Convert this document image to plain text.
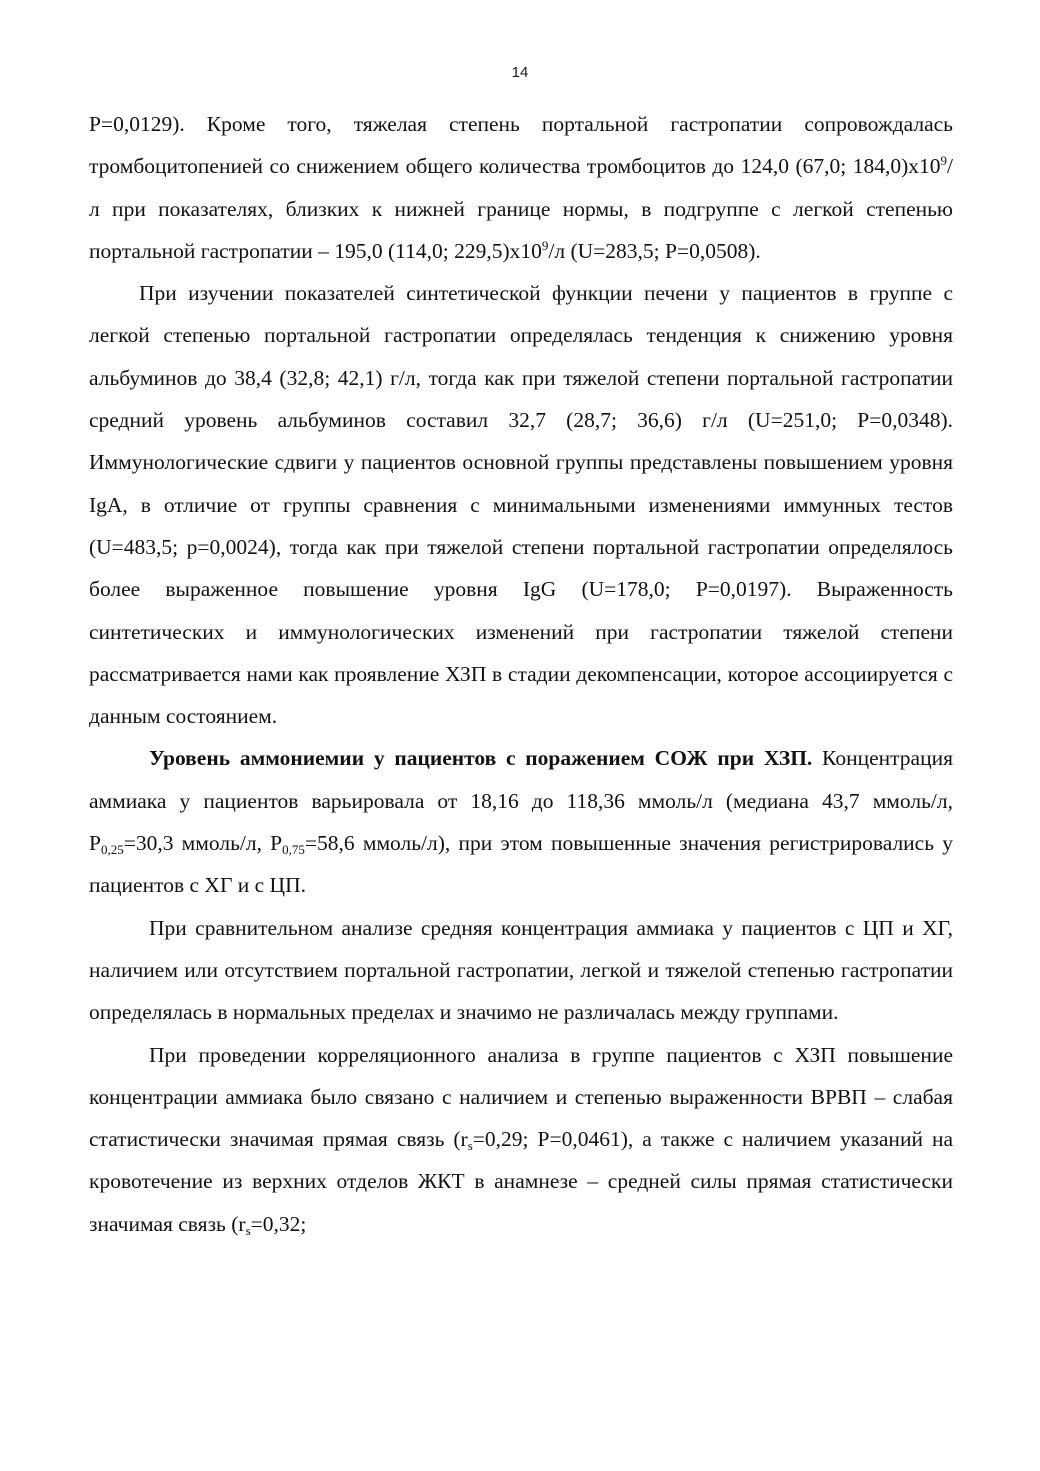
14

P=0,0129). Кроме того, тяжелая степень портальной гастропатии сопровождалась тромбоцитопенией со снижением общего количества тромбоцитов до 124,0 (67,0; $184,0)x10^9/л$ при показателях, близких к нижней границе нормы, в подгруппе с легкой степенью портальной гастропатии – 195,0 (114,0; $229,5)x10^9/л$ (U=283,5; P=0,0508).

При изучении показателей синтетической функции печени у пациентов в группе с легкой степенью портальной гастропатии определялась тенденция к снижению уровня альбуминов до 38,4 (32,8; 42,1) г/л, тогда как при тяжелой степени портальной гастропатии средний уровень альбуминов составил 32,7 (28,7; 36,6) г/л (U=251,0; P=0,0348). Иммунологические сдвиги у пациентов основной группы представлены повышением уровня IgA, в отличие от группы сравнения с минимальными изменениями иммунных тестов (U=483,5; p=0,0024), тогда как при тяжелой степени портальной гастропатии определялось более выраженное повышение уровня IgG (U=178,0; P=0,0197). Выраженность синтетических и иммунологических изменений при гастропатии тяжелой степени рассматривается нами как проявление ХЗП в стадии декомпенсации, которое ассоциируется с данным состоянием.

Уровень аммониемии у пациентов с поражением СОЖ при ХЗП. Концентрация аммиака у пациентов варьировала от 18,16 до 118,36 ммоль/л (медиана 43,7 ммоль/л, $P_{0,25}=30,3$ ммоль/л, $P_{0,75}=58,6$ ммоль/л), при этом повышенные значения регистрировались у пациентов с ХГ и с ЦП.

При сравнительном анализе средняя концентрация аммиака у пациентов с ЦП и ХГ, наличием или отсутствием портальной гастропатии, легкой и тяжелой степенью гастропатии определялась в нормальных пределах и значимо не различалась между группами.

При проведении корреляционного анализа в группе пациентов с ХЗП повышение концентрации аммиака было связано с наличием и степенью выраженности ВРВП – слабая статистически значимая прямая связь ($r_s=0,29$; P=0,0461), а также с наличием указаний на кровотечение из верхних отделов ЖКТ в анамнезе – средней силы прямая статистически значимая связь ($r_s=0,32$;
